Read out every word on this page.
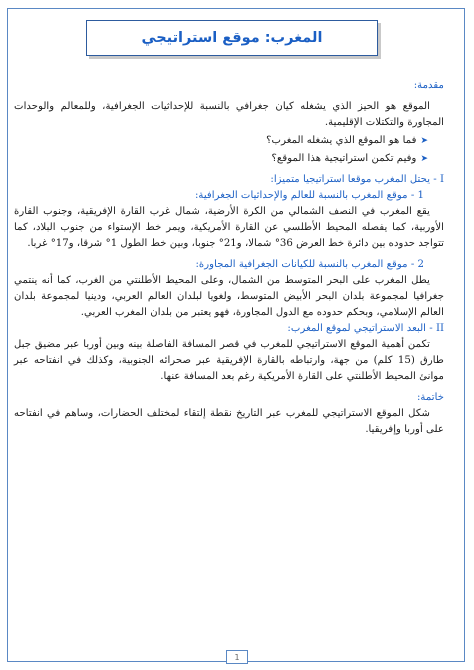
المغرب: موقع استراتيجي

مقدمة:

الموقع هو الحيز الذي يشغله كيان جغرافي بالنسبة للإحداثيات الجغرافية، وللمعالم والوحدات المجاورة والتكتلات الإقليمية.

➤
فما هو الموقع الذي يشغله المغرب؟

➤
وفيم تكمن استراتيجية هذا الموقع؟

I - يحتل المغرب موقعا استراتيجيا متميزا:

1 - موقع المغرب بالنسبة للعالم والإحداثيات الجغرافية:

يقع المغرب في النصف الشمالي من الكرة الأرضية، شمال غرب القارة الإفريقية، وجنوب القارة الأوربية، كما يفصله المحيط الأطلسي عن القارة الأمريكية، ويمر خط الإستواء من جنوب البلاد، كما تتواجد حدوده بين دائرة خط العرض 36° شمالا، و21° جنوبا، وبين خط الطول 1° شرقا، و17° غربا.

2 - موقع المغرب بالنسبة للكيانات الجغرافية المجاورة:

يطل المغرب على البحر المتوسط من الشمال، وعلى المحيط الأطلنتي من الغرب، كما أنه ينتمي جغرافيا لمجموعة بلدان البحر الأبيض المتوسط، ولغويا لبلدان العالم العربي، ودينيا لمجموعة بلدان العالم الإسلامي، وبحكم حدوده مع الدول المجاورة، فهو يعتبر من بلدان المغرب العربي.

II - البعد الاستراتيجي لموقع المغرب:

تكمن أهمية الموقع الاستراتيجي للمغرب في قصر المسافة الفاصلة بينه وبين أوربا عبر مضيق جبل طارق (15 كلم) من جهة، وارتباطه بالقارة الإفريقية عبر صحرائه الجنوبية، وكذلك في انفتاحه عبر موانئ المحيط الأطلنتي على القارة الأمريكية رغم بعد المسافة عنها.

خاتمة:

شكل الموقع الاستراتيجي للمغرب عبر التاريخ نقطة إلتقاء لمختلف الحضارات، وساهم في انفتاحه على أوربا وإفريقيا.

1
